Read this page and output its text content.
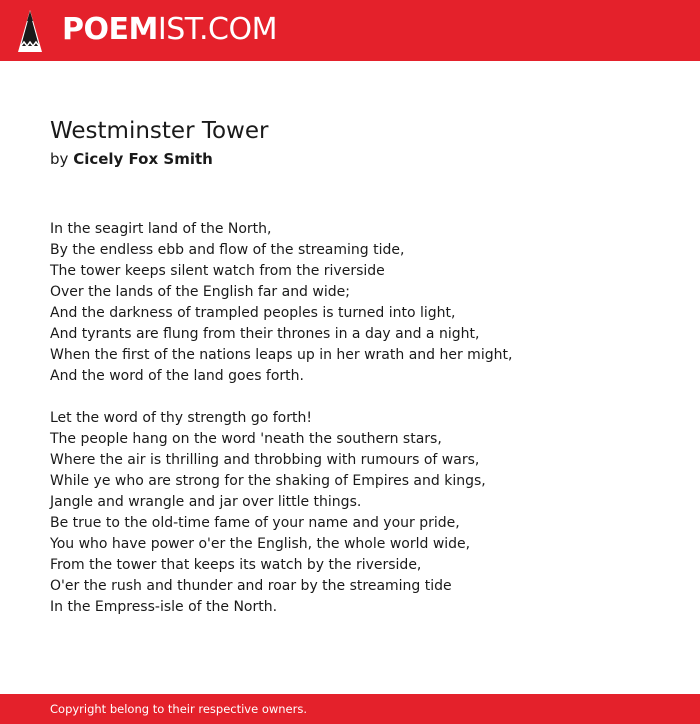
POEMIST.COM
Westminster Tower
by Cicely Fox Smith
In the seagirt land of the North,
By the endless ebb and flow of the streaming tide,
The tower keeps silent watch from the riverside
Over the lands of the English far and wide;
And the darkness of trampled peoples is turned into light,
And tyrants are flung from their thrones in a day and a night,
When the first of the nations leaps up in her wrath and her might,
And the word of the land goes forth.
Let the word of thy strength go forth!
The people hang on the word 'neath the southern stars,
Where the air is thrilling and throbbing with rumours of wars,
While ye who are strong for the shaking of Empires and kings,
Jangle and wrangle and jar over little things.
Be true to the old-time fame of your name and your pride,
You who have power o'er the English, the whole world wide,
From the tower that keeps its watch by the riverside,
O'er the rush and thunder and roar by the streaming tide
In the Empress-isle of the North.
Copyright belong to their respective owners.
